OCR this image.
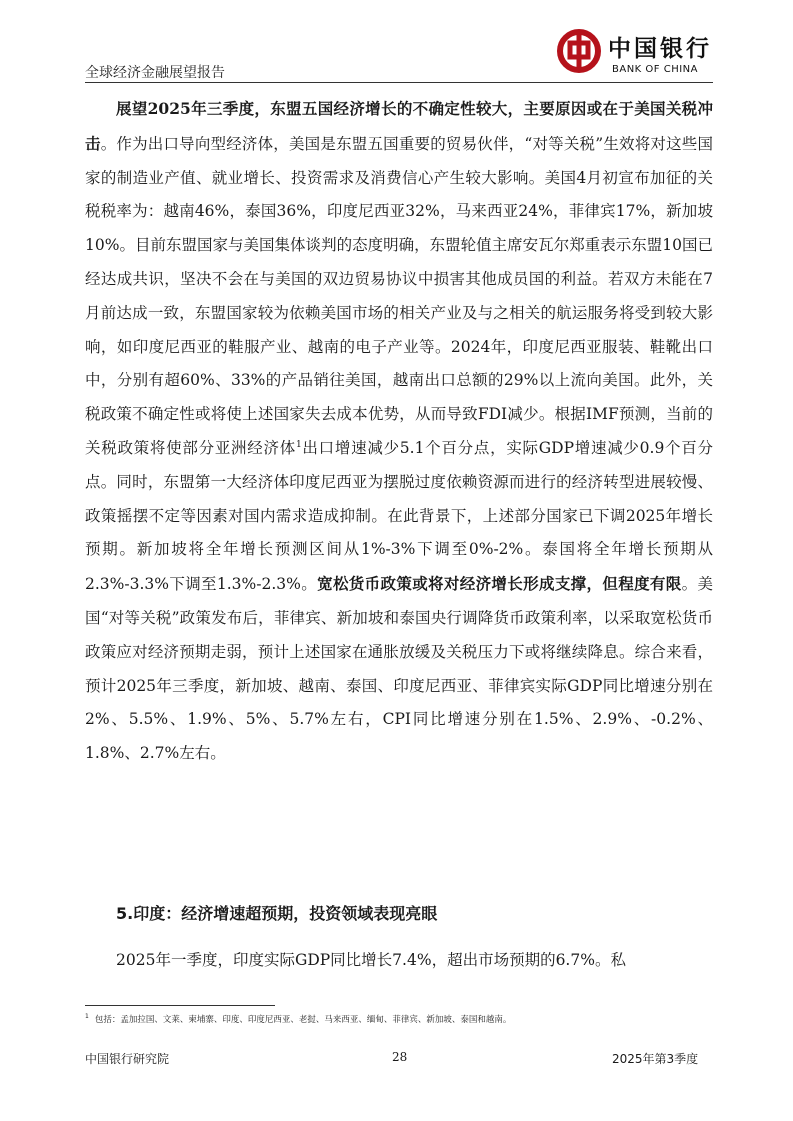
全球经济金融展望报告
中国银行
BANK OF CHINA
展望2025年三季度，东盟五国经济增长的不确定性较大，主要原因或在于美国关税冲击。作为出口导向型经济体，美国是东盟五国重要的贸易伙伴，“对等关税”生效将对这些国家的制造业产值、就业增长、投资需求及消费信心产生较大影响。美国4月初宣布加征的关税税率为：越南46%，泰国36%，印度尼西亚32%，马来西亚24%，菲律宾17%，新加坡10%。目前东盟国家与美国集体谈判的态度明确，东盟轮值主席安瓦尔郑重表示东盟10国已经达成共识，坚决不会在与美国的双边贸易协议中损害其他成员国的利益。若双方未能在7月前达成一致，东盟国家较为依赖美国市场的相关产业及与之相关的航运服务将受到较大影响，如印度尼西亚的鞋服产业、越南的电子产业等。2024年，印度尼西亚服装、鞋靴出口中，分别有超60%、33%的产品销往美国，越南出口总额的29%以上流向美国。此外，关税政策不确定性或将使上述国家失去成本优势，从而导致FDI减少。根据IMF预测，当前的关税政策将使部分亚洲经济体$^1$出口增速减少5.1个百分点，实际GDP增速减少0.9个百分点。同时，东盟第一大经济体印度尼西亚为摆脱过度依赖资源而进行的经济转型进展较慢、政策摇摆不定等因素对国内需求造成抑制。在此背景下，上述部分国家已下调2025年增长预期。新加坡将全年增长预测区间从1%-3%下调至0%-2%。泰国将全年增长预期从2.3%-3.3%下调至1.3%-2.3%。宽松货币政策或将对经济增长形成支撑，但程度有限。美国“对等关税”政策发布后，菲律宾、新加坡和泰国央行调降货币政策利率，以采取宽松货币政策应对经济预期走弱，预计上述国家在通胀放缓及关税压力下或将继续降息。综合来看，预计2025年三季度，新加坡、越南、泰国、印度尼西亚、菲律宾实际GDP同比增速分别在2%、5.5%、1.9%、5%、5.7%左右，CPI同比增速分别在1.5%、2.9%、-0.2%、1.8%、2.7%左右。
5.印度：经济增速超预期，投资领域表现亮眼
2025年一季度，印度实际GDP同比增长7.4%，超出市场预期的6.7%。私
$^1$ 包括：孟加拉国、文莱、柬埔寨、印度、印度尼西亚、老挝、马来西亚、缅甸、菲律宾、新加坡、泰国和越南。
中国银行研究院	28	2025年第3季度
